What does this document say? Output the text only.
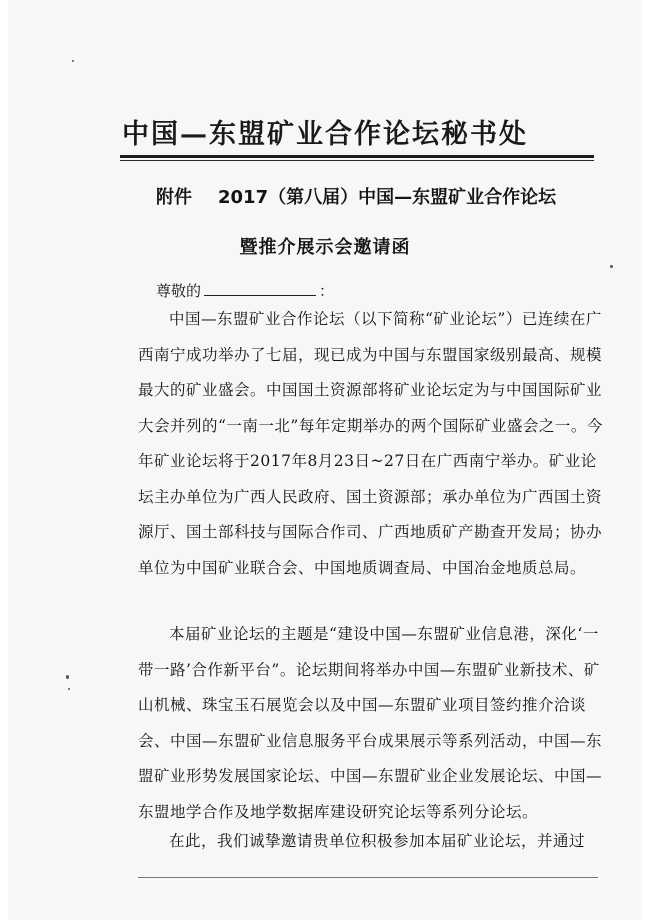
中国—东盟矿业合作论坛秘书处
附件 2017（第八届）中国—东盟矿业合作论坛
暨推介展示会邀请函
尊敬的	：
中国—东盟矿业合作论坛（以下简称“矿业论坛”）已连续在广西南宁成功举办了七届，现已成为中国与东盟国家级别最高、规模最大的矿业盛会。中国国土资源部将矿业论坛定为与中国国际矿业大会并列的“一南一北”每年定期举办的两个国际矿业盛会之一。今年矿业论坛将于2017年8月23日~27日在广西南宁举办。矿业论坛主办单位为广西人民政府、国土资源部；承办单位为广西国土资源厅、国土部科技与国际合作司、广西地质矿产勘查开发局；协办单位为中国矿业联合会、中国地质调查局、中国冶金地质总局。
本届矿业论坛的主题是“建设中国—东盟矿业信息港，深化‘一带一路’合作新平台”。论坛期间将举办中国—东盟矿业新技术、矿山机械、珠宝玉石展览会以及中国—东盟矿业项目签约推介洽谈会、中国—东盟矿业信息服务平台成果展示等系列活动，中国—东盟矿业形势发展国家论坛、中国—东盟矿业企业发展论坛、中国—东盟地学合作及地学数据库建设研究论坛等系列分论坛。
在此，我们诚挚邀请贵单位积极参加本届矿业论坛，并通过
